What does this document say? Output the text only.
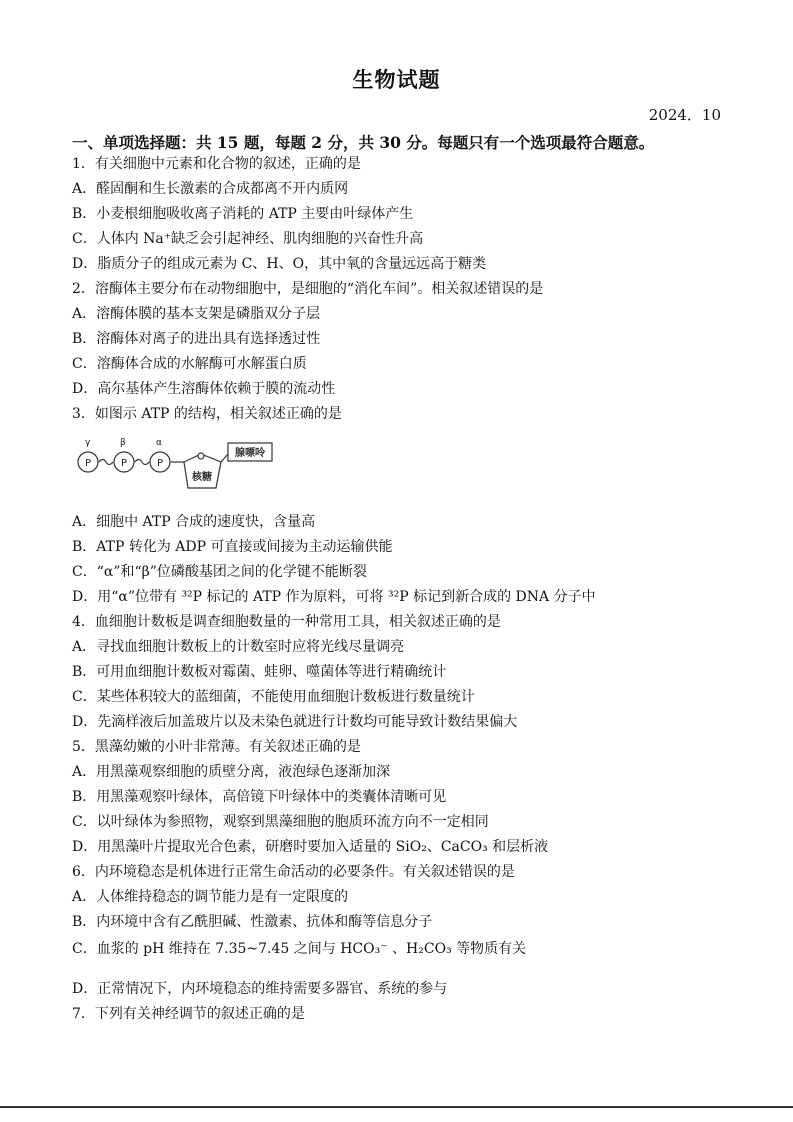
生物试题
2024．10
一、单项选择题：共 15 题，每题 2 分，共 30 分。每题只有一个选项最符合题意。
1．有关细胞中元素和化合物的叙述，正确的是
A．醛固酮和生长激素的合成都离不开内质网
B．小麦根细胞吸收离子消耗的 ATP 主要由叶绿体产生
C．人体内 Na⁺缺乏会引起神经、肌肉细胞的兴奋性升高
D．脂质分子的组成元素为 C、H、O，其中氧的含量远远高于糖类
2．溶酶体主要分布在动物细胞中，是细胞的“消化车间”。相关叙述错误的是
A．溶酶体膜的基本支架是磷脂双分子层
B．溶酶体对离子的进出具有选择透过性
C．溶酶体合成的水解酶可水解蛋白质
D．高尔基体产生溶酶体依赖于膜的流动性
3．如图示 ATP 的结构，相关叙述正确的是
γ	β	α
P	P	P
核糖
腺嘌呤
A．细胞中 ATP 合成的速度快，含量高
B．ATP 转化为 ADP 可直接或间接为主动运输供能
C．“α”和“β”位磷酸基团之间的化学键不能断裂
D．用“α”位带有 ³²P 标记的 ATP 作为原料，可将 ³²P 标记到新合成的 DNA 分子中
4．血细胞计数板是调查细胞数量的一种常用工具，相关叙述正确的是
A．寻找血细胞计数板上的计数室时应将光线尽量调亮
B．可用血细胞计数板对霉菌、蛙卵、噬菌体等进行精确统计
C．某些体积较大的蓝细菌，不能使用血细胞计数板进行数量统计
D．先滴样液后加盖玻片以及未染色就进行计数均可能导致计数结果偏大
5．黑藻幼嫩的小叶非常薄。有关叙述正确的是
A．用黑藻观察细胞的质壁分离，液泡绿色逐渐加深
B．用黑藻观察叶绿体，高倍镜下叶绿体中的类囊体清晰可见
C．以叶绿体为参照物，观察到黑藻细胞的胞质环流方向不一定相同
D．用黑藻叶片提取光合色素，研磨时要加入适量的 SiO₂、CaCO₃ 和层析液
6．内环境稳态是机体进行正常生命活动的必要条件。有关叙述错误的是
A．人体维持稳态的调节能力是有一定限度的
B．内环境中含有乙酰胆碱、性激素、抗体和酶等信息分子
C．血浆的 pH 维持在 7.35~7.45 之间与 HCO₃⁻ 、H₂CO₃ 等物质有关
D．正常情况下，内环境稳态的维持需要多器官、系统的参与
7．下列有关神经调节的叙述正确的是
